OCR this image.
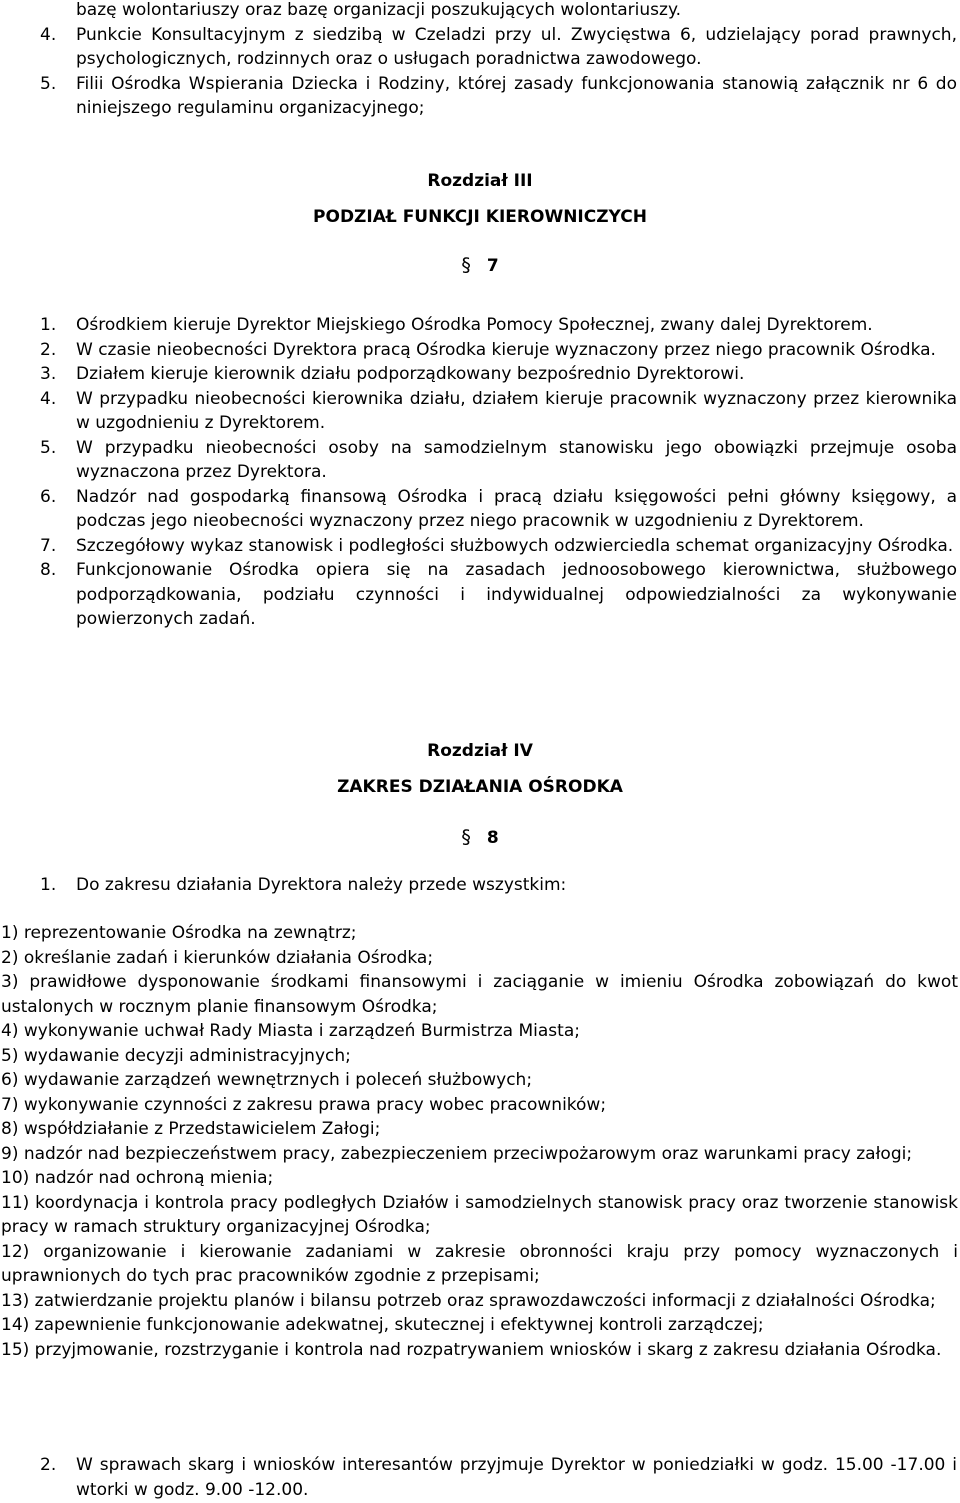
bazę wolontariuszy oraz bazę organizacji poszukujących wolontariuszy.
4.	Punkcie Konsultacyjnym z siedzibą w Czeladzi przy ul. Zwycięstwa 6, udzielający porad prawnych, psychologicznych, rodzinnych oraz o usługach poradnictwa zawodowego.
5.	Filii Ośrodka Wspierania Dziecka i Rodziny, której zasady funkcjonowania stanowią załącznik nr 6 do niniejszego regulaminu organizacyjnego;
Rozdział III
PODZIAŁ FUNKCJI KIEROWNICZYCH
§ 7
1.	Ośrodkiem kieruje Dyrektor Miejskiego Ośrodka Pomocy Społecznej, zwany dalej Dyrektorem.
2.	W czasie nieobecności Dyrektora pracą Ośrodka kieruje wyznaczony przez niego pracownik Ośrodka.
3.	Działem kieruje kierownik działu podporządkowany bezpośrednio Dyrektorowi.
4.	W przypadku nieobecności kierownika działu, działem kieruje pracownik wyznaczony przez kierownika w uzgodnieniu z Dyrektorem.
5.	W przypadku nieobecności osoby na samodzielnym stanowisku jego obowiązki przejmuje osoba wyznaczona przez Dyrektora.
6.	Nadzór nad gospodarką finansową Ośrodka i pracą działu księgowości pełni główny księgowy, a podczas jego nieobecności wyznaczony przez niego pracownik w uzgodnieniu z Dyrektorem.
7.	Szczegółowy wykaz stanowisk i podległości służbowych odzwierciedla schemat organizacyjny Ośrodka.
8.	Funkcjonowanie Ośrodka opiera się na zasadach jednoosobowego kierownictwa, służbowego podporządkowania, podziału czynności i indywidualnej odpowiedzialności za wykonywanie powierzonych zadań.
Rozdział IV
ZAKRES DZIAŁANIA OŚRODKA
§ 8
1.	Do zakresu działania Dyrektora należy przede wszystkim:
1) reprezentowanie Ośrodka na zewnątrz;
2) określanie zadań i kierunków działania Ośrodka;
3) prawidłowe dysponowanie środkami finansowymi i zaciąganie w imieniu Ośrodka zobowiązań do kwot ustalonych w rocznym planie finansowym Ośrodka;
4) wykonywanie uchwał Rady Miasta i zarządzeń Burmistrza Miasta;
5) wydawanie decyzji administracyjnych;
6) wydawanie zarządzeń wewnętrznych i poleceń służbowych;
7) wykonywanie czynności z zakresu prawa pracy wobec pracowników;
8) współdziałanie z Przedstawicielem Załogi;
9) nadzór nad bezpieczeństwem pracy, zabezpieczeniem przeciwpożarowym oraz warunkami pracy załogi;
10) nadzór nad ochroną mienia;
11) koordynacja i kontrola pracy podległych Działów i samodzielnych stanowisk pracy oraz tworzenie stanowisk pracy w ramach struktury organizacyjnej Ośrodka;
12) organizowanie i kierowanie zadaniami w zakresie obronności kraju przy pomocy wyznaczonych i uprawnionych do tych prac pracowników zgodnie z przepisami;
13) zatwierdzanie projektu planów i bilansu potrzeb oraz sprawozdawczości informacji z działalności Ośrodka;
14) zapewnienie funkcjonowanie adekwatnej, skutecznej i efektywnej kontroli zarządczej;
15) przyjmowanie, rozstrzyganie i kontrola nad rozpatrywaniem wniosków i skarg z zakresu działania Ośrodka.
2.	W sprawach skarg i wniosków interesantów przyjmuje Dyrektor w poniedziałki w godz. 15.00 -17.00 i wtorki w godz. 9.00 -12.00.
